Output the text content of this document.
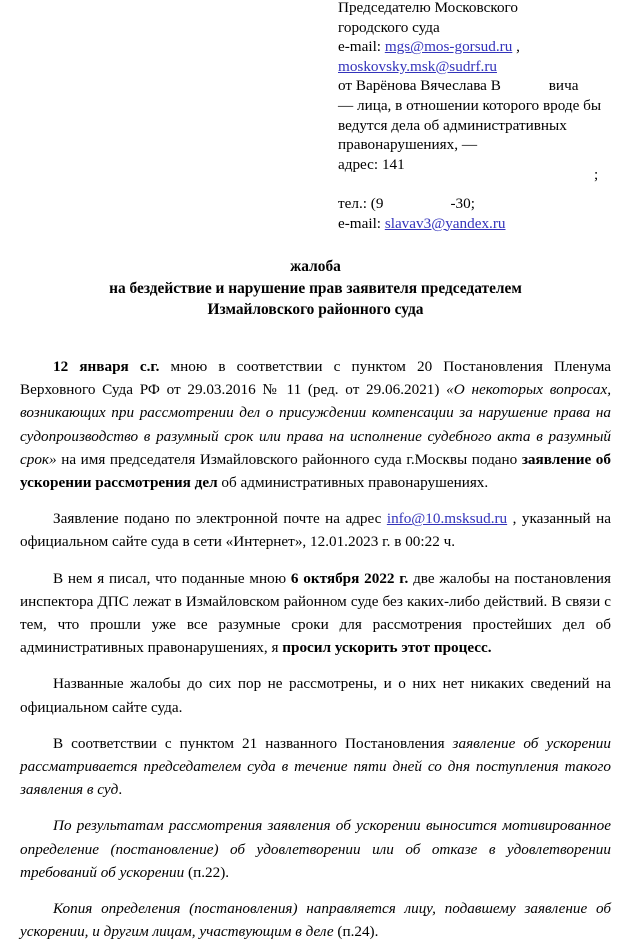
Председателю Московского
городского суда
e-mail: mgs@mos-gorsud.ru ,
moskovsky.msk@sudrf.ru
от Варёнова Вячеслава В	вича
— лица, в отношении которого вроде бы ведутся дела об административных правонарушениях, —
адрес: 141

тел.: (9	-30;
e-mail: slavav3@yandex.ru
;
жалоба
на бездействие и нарушение прав заявителя председателем
Измайловского районного суда

12 января с.г. мною в соответствии с пунктом 20 Постановления Пленума Верховного Суда РФ от 29.03.2016 № 11 (ред. от 29.06.2021) «О некоторых вопросах, возникающих при рассмотрении дел о присуждении компенсации за нарушение права на судопроизводство в разумный срок или права на исполнение судебного акта в разумный срок» на имя председателя Измайловского районного суда г.Москвы подано заявление об ускорении рассмотрения дел об административных правонарушениях.

Заявление подано по электронной почте на адрес info@10.msksud.ru , указанный на официальном сайте суда в сети «Интернет», 12.01.2023 г. в 00:22 ч.

В нем я писал, что поданные мною 6 октября 2022 г. две жалобы на постановления инспектора ДПС лежат в Измайловском районном суде без каких-либо действий. В связи с тем, что прошли уже все разумные сроки для рассмотрения простейших дел об административных правонарушениях, я просил ускорить этот процесс.

Названные жалобы до сих пор не рассмотрены, и о них нет никаких сведений на официальном сайте суда.

В соответствии с пунктом 21 названного Постановления заявление об ускорении рассматривается председателем суда в течение пяти дней со дня поступления такого заявления в суд.

По результатам рассмотрения заявления об ускорении выносится мотивированное определение (постановление) об удовлетворении или об отказе в удовлетворении требований об ускорении (п.22).

Копия определения (постановления) направляется лицу, подавшему заявление об ускорении, и другим лицам, участвующим в деле (п.24).
